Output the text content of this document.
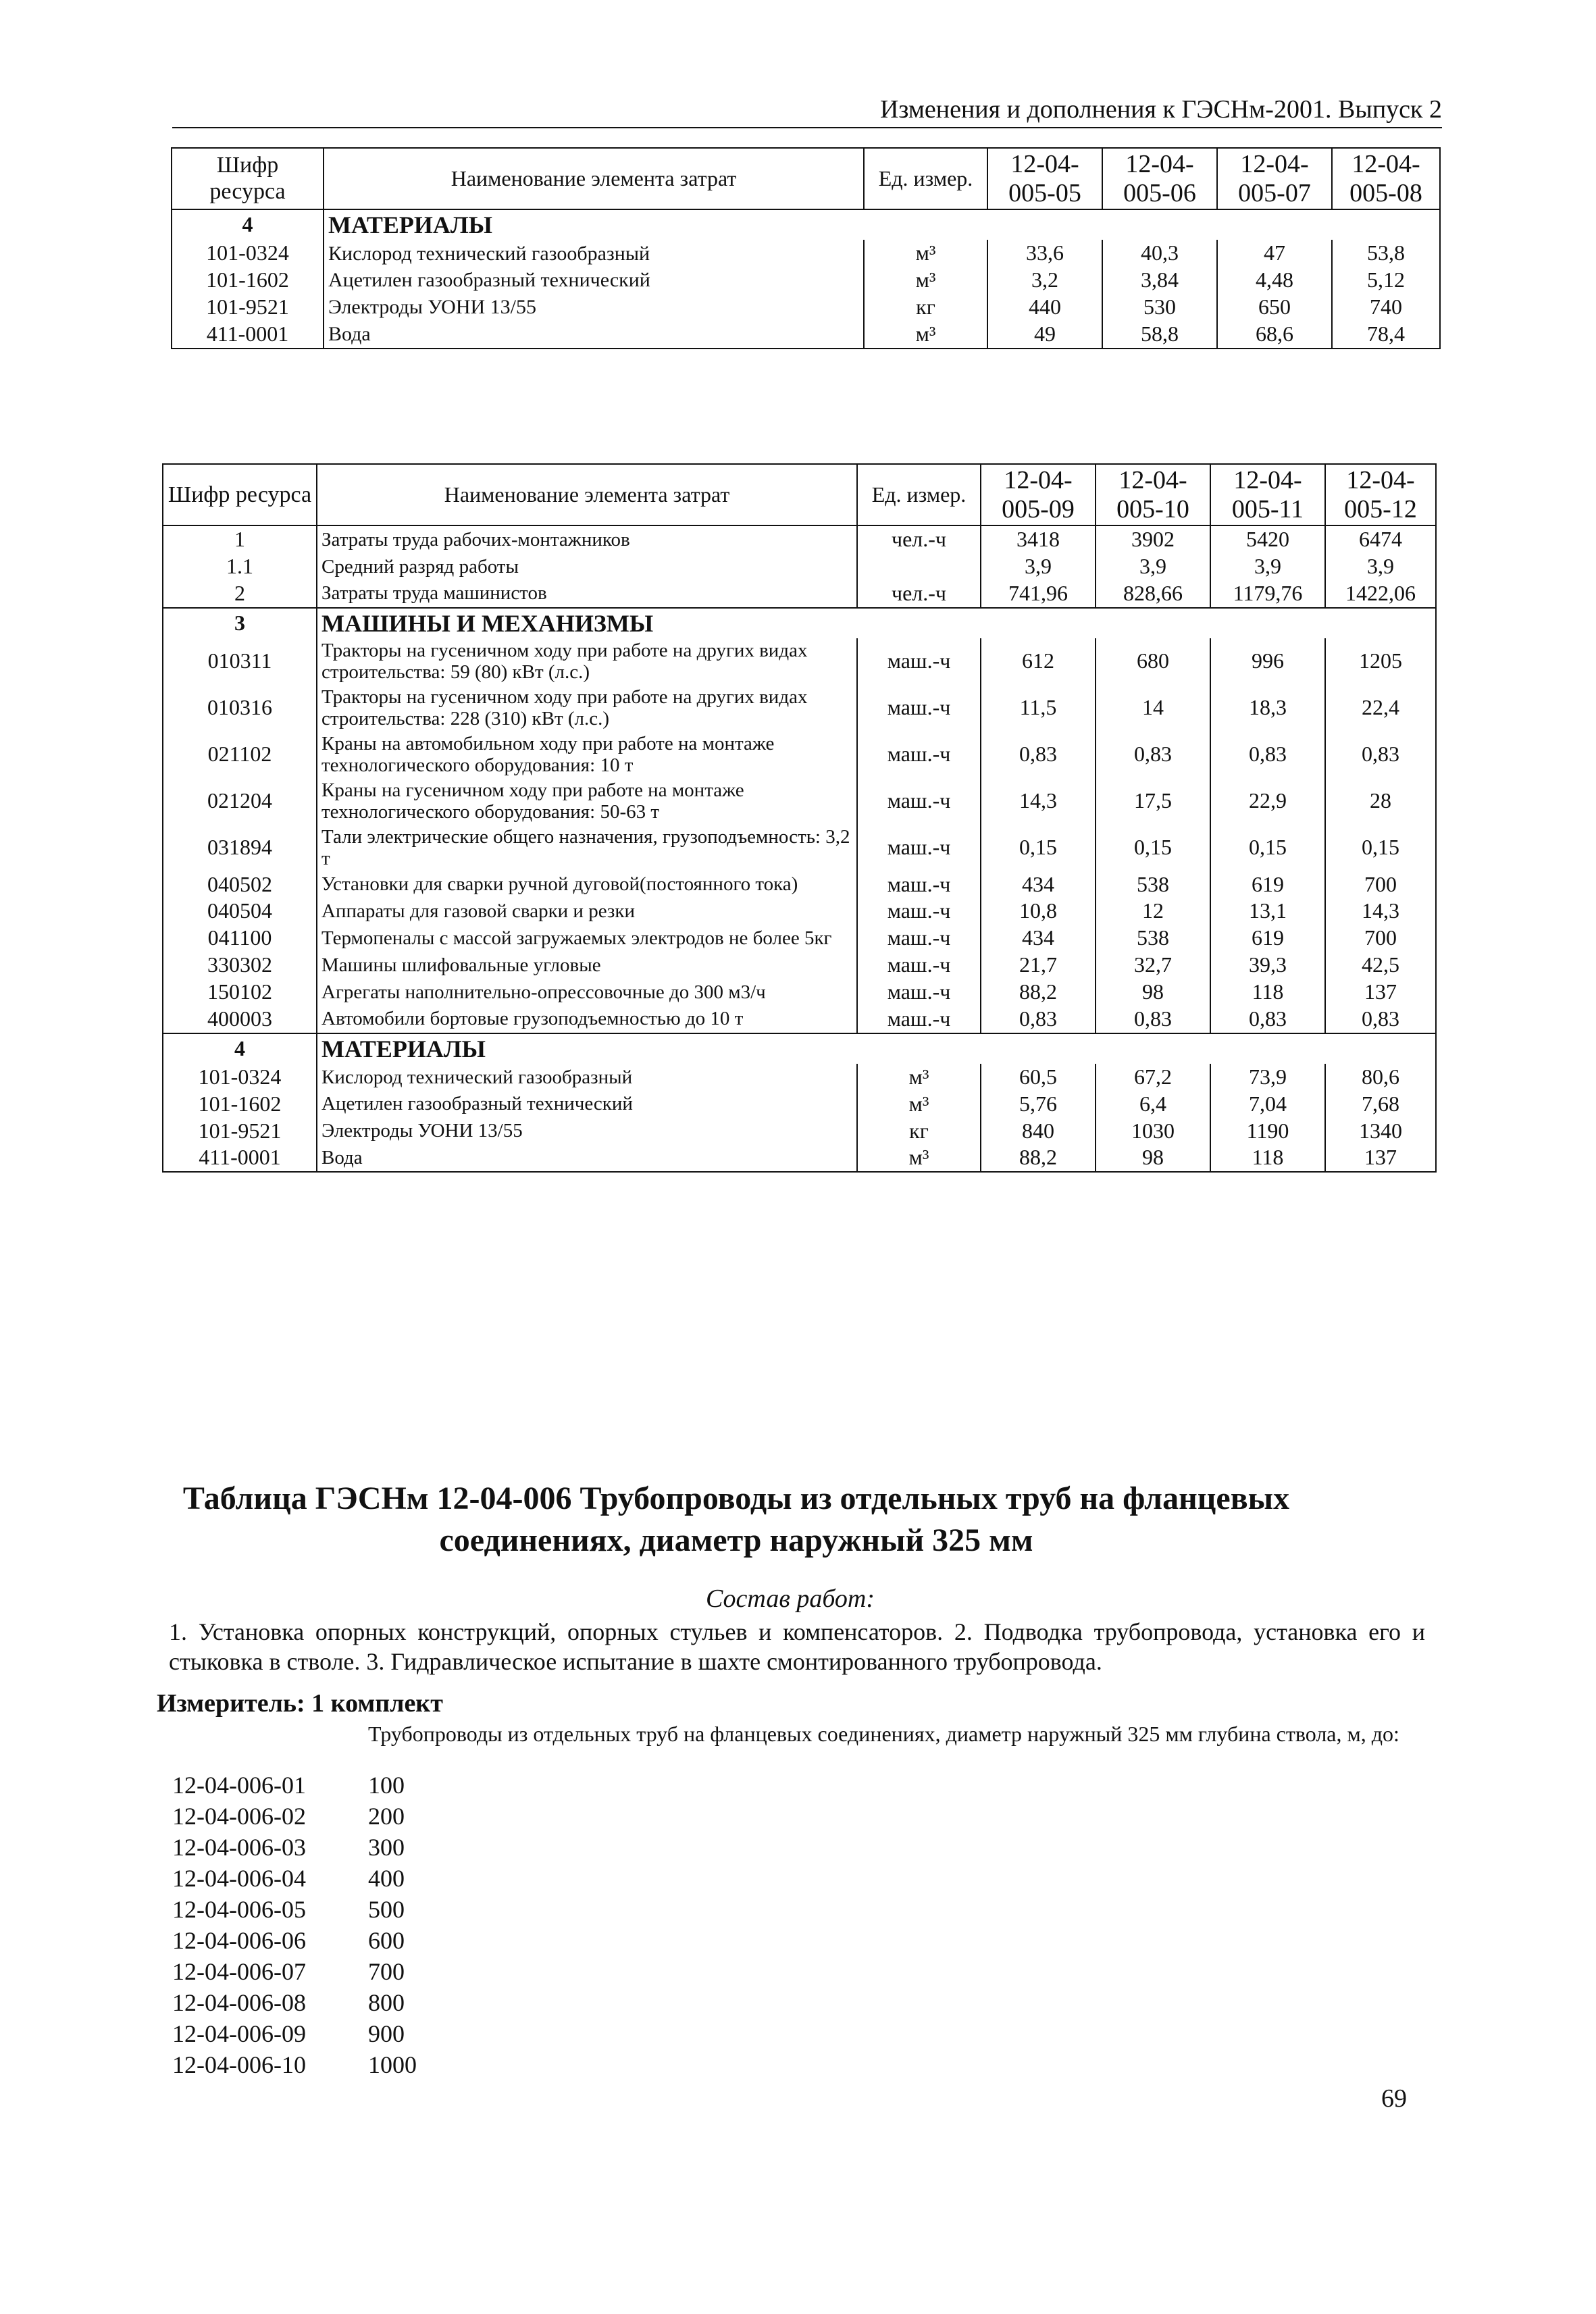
Изменения и дополнения к ГЭСНм-2001. Выпуск 2
Шифр ресурса	Наименование элемента затрат	Ед. измер.	12-04-005-05	12-04-005-06	12-04-005-07	12-04-005-08
4	МАТЕРИАЛЫ					
101-0324	Кислород технический газообразный	м³	33,6	40,3	47	53,8
101-1602	Ацетилен газообразный технический	м³	3,2	3,84	4,48	5,12
101-9521	Электроды УОНИ 13/55	кг	440	530	650	740
411-0001	Вода	м³	49	58,8	68,6	78,4
Шифр ресурса	Наименование элемента затрат	Ед. измер.	12-04-005-09	12-04-005-10	12-04-005-11	12-04-005-12
1	Затраты труда рабочих-монтажников	чел.-ч	3418	3902	5420	6474
1.1	Средний разряд работы		3,9	3,9	3,9	3,9
2	Затраты труда машинистов	чел.-ч	741,96	828,66	1179,76	1422,06
3	МАШИНЫ И МЕХАНИЗМЫ					
010311	Тракторы на гусеничном ходу при работе на других видах строительства: 59 (80) кВт (л.с.)	маш.-ч	612	680	996	1205
010316	Тракторы на гусеничном ходу при работе на других видах строительства: 228 (310) кВт (л.с.)	маш.-ч	11,5	14	18,3	22,4
021102	Краны на автомобильном ходу при работе на монтаже технологического оборудования: 10 т	маш.-ч	0,83	0,83	0,83	0,83
021204	Краны на гусеничном ходу при работе на монтаже технологического оборудования: 50-63 т	маш.-ч	14,3	17,5	22,9	28
031894	Тали электрические общего назначения, грузоподъемность: 3,2 т	маш.-ч	0,15	0,15	0,15	0,15
040502	Установки для сварки ручной дуговой(постоянного тока)	маш.-ч	434	538	619	700
040504	Аппараты для газовой сварки и резки	маш.-ч	10,8	12	13,1	14,3
041100	Термопеналы с массой загружаемых электродов не более 5кг	маш.-ч	434	538	619	700
330302	Машины шлифовальные угловые	маш.-ч	21,7	32,7	39,3	42,5
150102	Агрегаты наполнительно-опрессовочные до 300 м3/ч	маш.-ч	88,2	98	118	137
400003	Автомобили бортовые грузоподъемностью до 10 т	маш.-ч	0,83	0,83	0,83	0,83
4	МАТЕРИАЛЫ					
101-0324	Кислород технический газообразный	м³	60,5	67,2	73,9	80,6
101-1602	Ацетилен газообразный технический	м³	5,76	6,4	7,04	7,68
101-9521	Электроды УОНИ 13/55	кг	840	1030	1190	1340
411-0001	Вода	м³	88,2	98	118	137
Таблица ГЭСНм 12-04-006 Трубопроводы из отдельных труб на фланцевых
соединениях, диаметр наружный 325 мм
Состав работ:
1. Установка опорных конструкций, опорных стульев и компенсаторов. 2. Подводка трубопровода, установка его и стыковка в стволе. 3. Гидравлическое испытание в шахте смонтированного трубопровода.
Измеритель: 1 комплект
Трубопроводы из отдельных труб на фланцевых соединениях, диаметр наружный 325 мм глубина ствола, м, до:
12-04-006-01	100
12-04-006-02	200
12-04-006-03	300
12-04-006-04	400
12-04-006-05	500
12-04-006-06	600
12-04-006-07	700
12-04-006-08	800
12-04-006-09	900
12-04-006-10	1000
69
